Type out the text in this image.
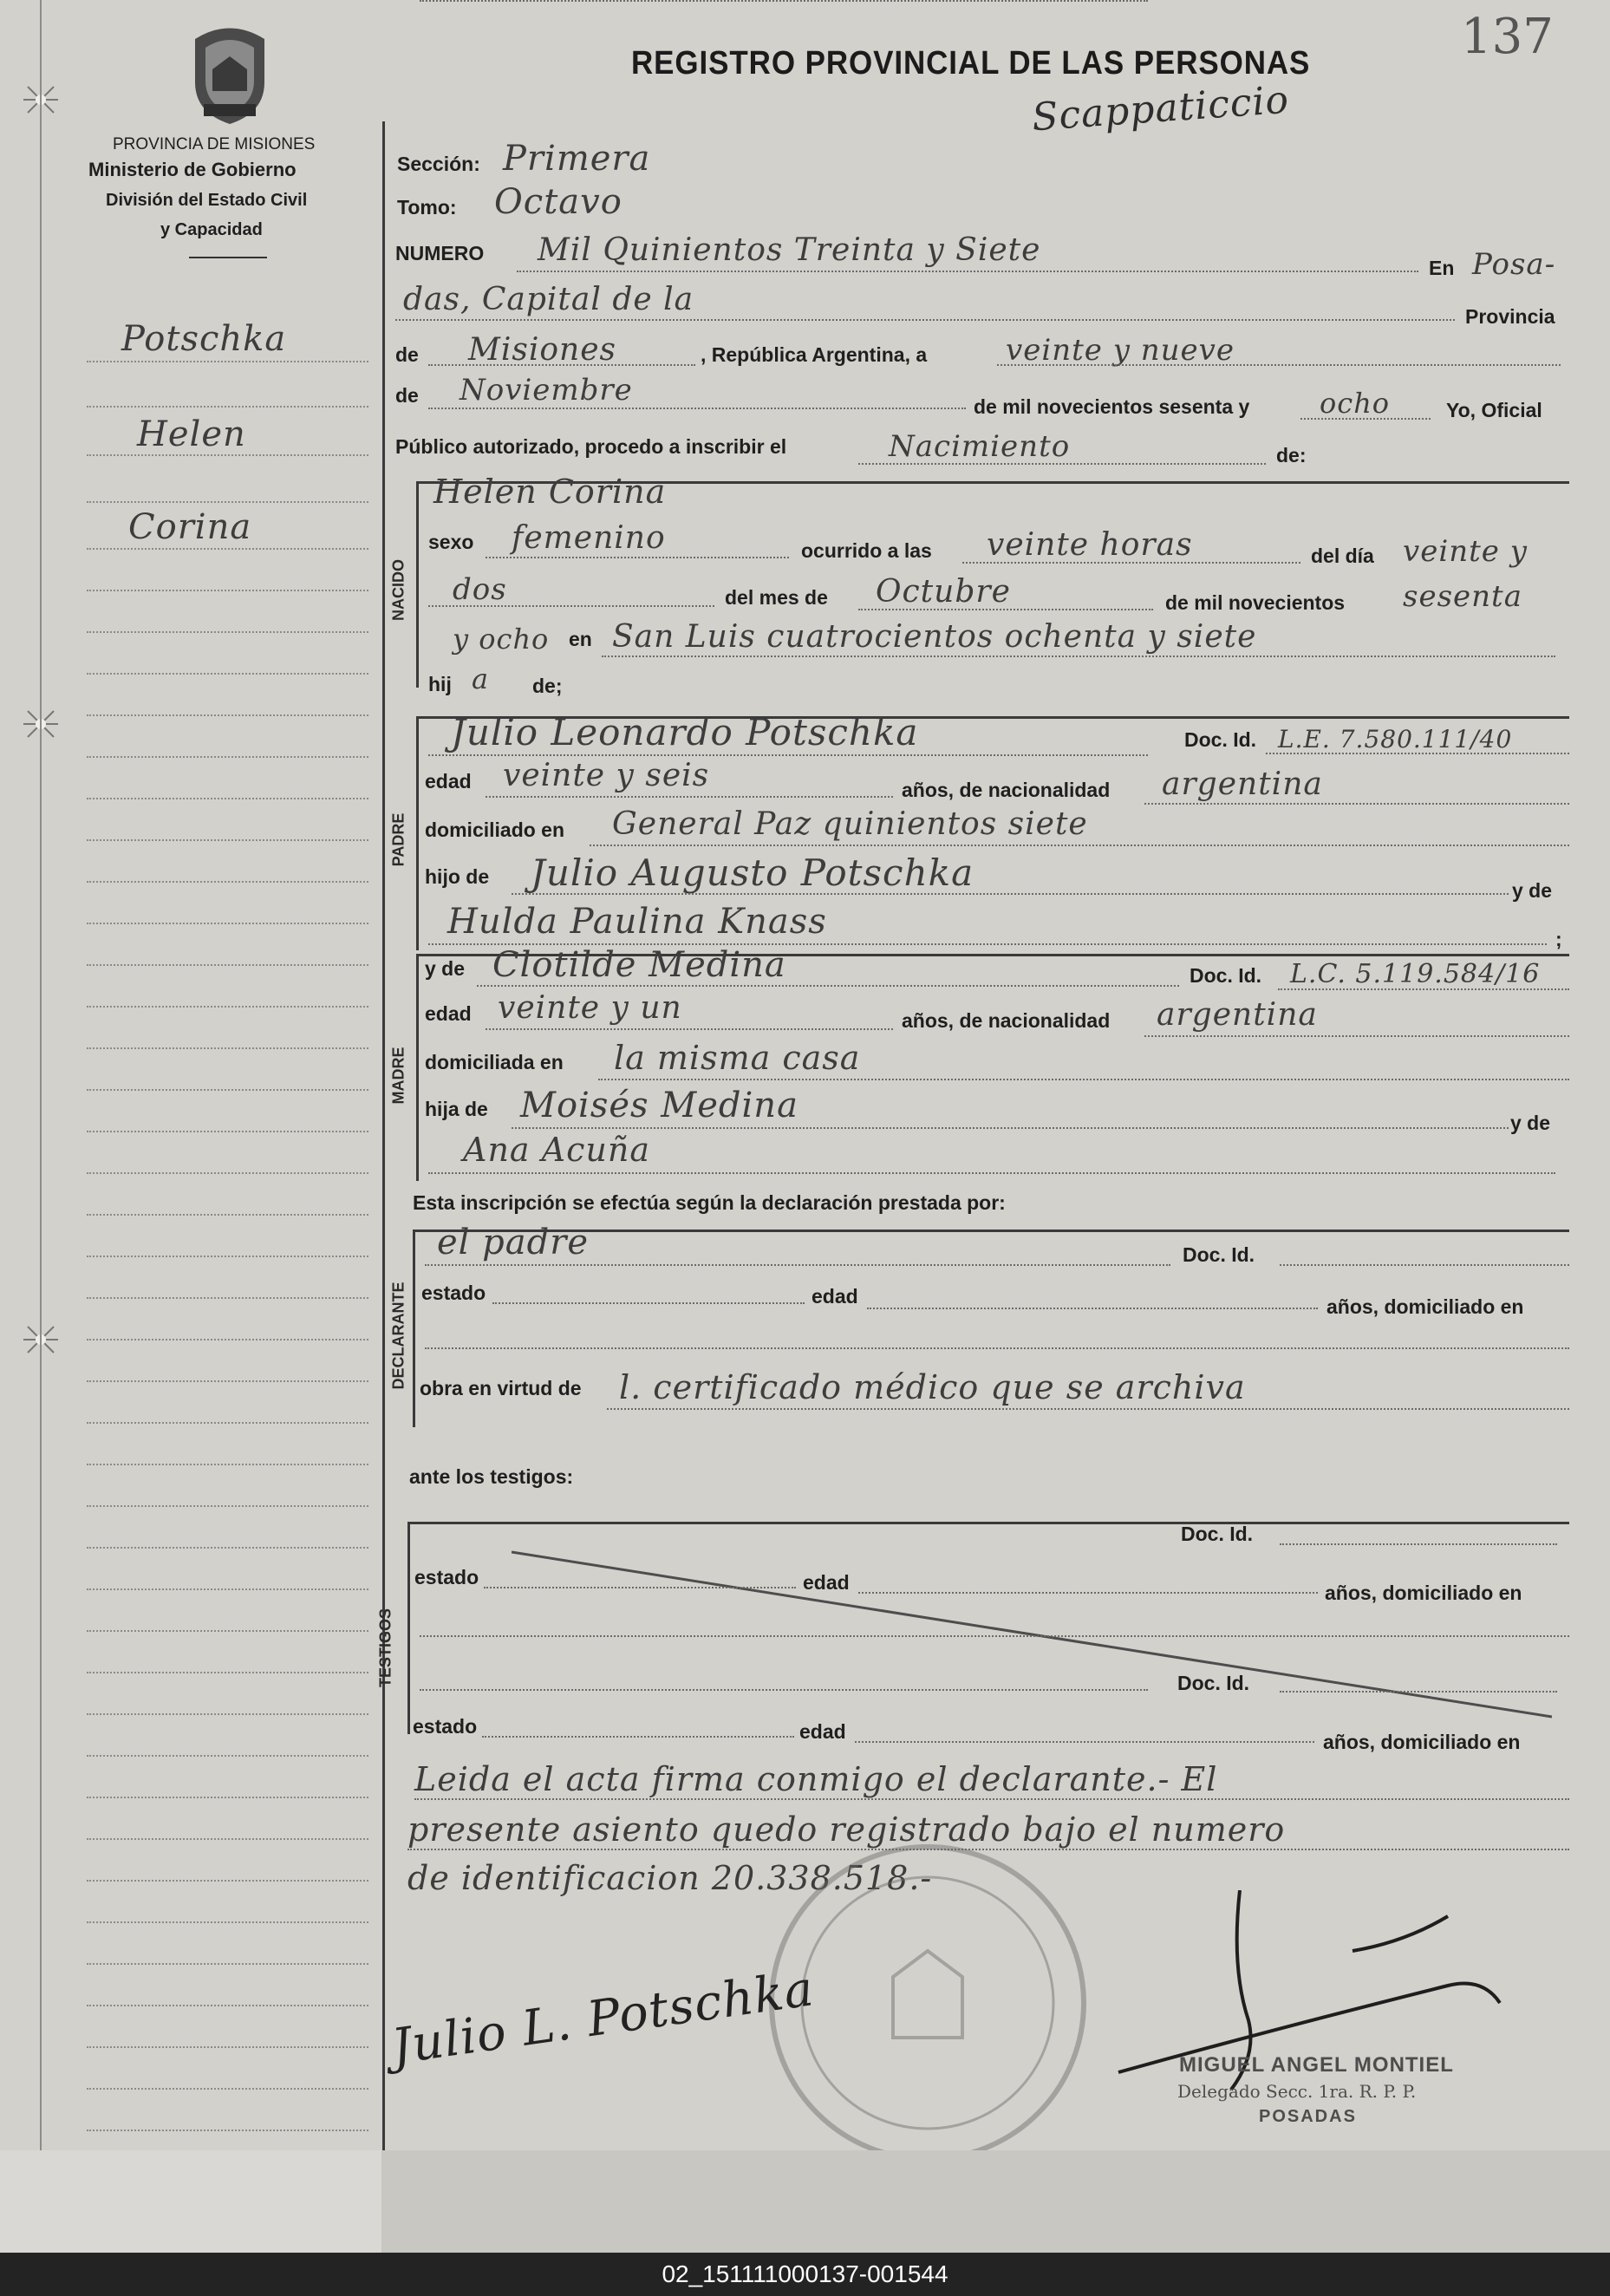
137
PROVINCIA DE MISIONES
Ministerio de Gobierno
División del Estado Civil
y Capacidad
REGISTRO PROVINCIAL DE LAS PERSONAS
Scappaticcio
Potschka
Helen
Corina
Sección: Primera
Tomo: Octavo
NUMERO Mil Quinientos Treinta y Siete	En Posa-
das, Capital de la	Provincia
de Misiones	, República Argentina, a	veinte y nueve
de Noviembre	de mil novecientos sesenta y	ocho	Yo, Oficial
Público autorizado, procedo a inscribir el	Nacimiento	de:
NACIDO
Helen Corina
sexo femenino	ocurrido a las veinte horas	del día veinte y
dos	del mes de Octubre	de mil novecientos sesenta
y ocho en San Luis cuatrocientos ochenta y siete
hij a de;
PADRE
Julio Leonardo Potschka	Doc. Id. L.E. 7.580.111/40
edad veinte y seis	años, de nacionalidad argentina
domiciliado en General Paz quinientos siete
hijo de Julio Augusto Potschka	y de
Hulda Paulina Knass	;
MADRE
y de Clotilde Medina	Doc. Id. L.C. 5.119.584/16
edad veinte y un	años, de nacionalidad argentina
domiciliada en la misma casa
hija de Moisés Medina	y de
Ana Acuña
Esta inscripción se efectúa según la declaración prestada por:
DECLARANTE
el padre	Doc. Id.
estado	edad	años, domiciliado en
obra en virtud de l. certificado médico que se archiva
ante los testigos:
TESTIGOS
Doc. Id.
estado	edad	años, domiciliado en
Doc. Id.
estado	edad	años, domiciliado en
Leida el acta firma conmigo el declarante.- El
presente asiento quedo registrado bajo el numero
de identificacion 20.338.518.-
Julio L. Potschka	MIGUEL ANGEL MONTIEL
Delegado Secc. 1ra. R. P. P.
POSADAS
02_151111000137-001544
